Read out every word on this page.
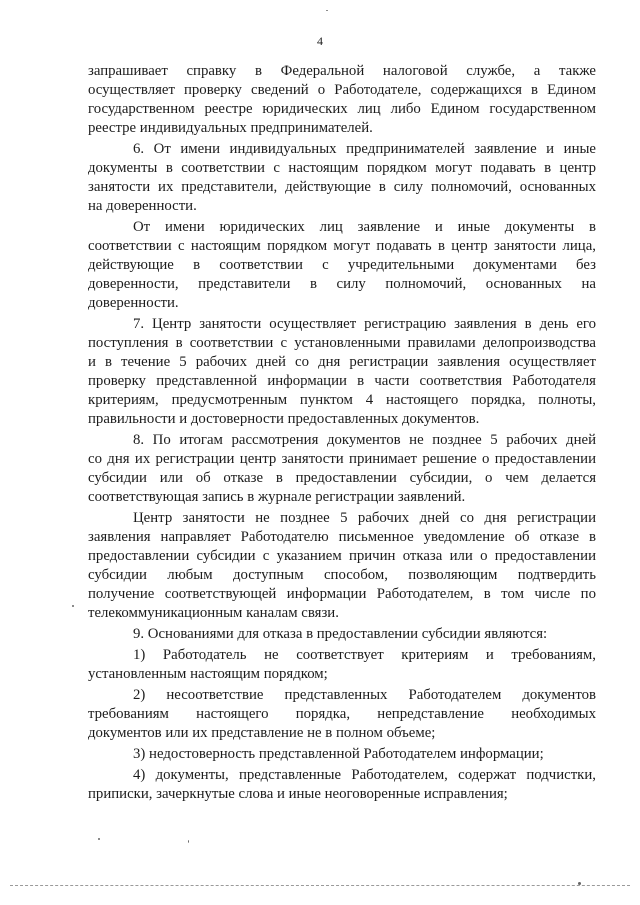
4
запрашивает справку в Федеральной налоговой службе, а также
осуществляет проверку сведений о Работодателе, содержащихся в Едином
государственном реестре юридических лиц либо Едином государственном
реестре индивидуальных предпринимателей.
6. От имени индивидуальных предпринимателей заявление и иные
документы в соответствии с настоящим порядком могут подавать в центр
занятости их представители, действующие в силу полномочий, основанных
на доверенности.
От имени юридических лиц заявление и иные документы в
соответствии с настоящим порядком могут подавать в центр занятости лица,
действующие в соответствии с учредительными документами без
доверенности, представители в силу полномочий, основанных на
доверенности.
7. Центр занятости осуществляет регистрацию заявления в день его
поступления в соответствии с установленными правилами делопроизводства
и в течение 5 рабочих дней со дня регистрации заявления осуществляет
проверку представленной информации в части соответствия Работодателя
критериям, предусмотренным пунктом 4 настоящего порядка, полноты,
правильности и достоверности предоставленных документов.
8. По итогам рассмотрения документов не позднее 5 рабочих дней
со дня их регистрации центр занятости принимает решение о предоставлении
субсидии или об отказе в предоставлении субсидии, о чем делается
соответствующая запись в журнале регистрации заявлений.
Центр занятости не позднее 5 рабочих дней со дня регистрации
заявления направляет Работодателю письменное уведомление об отказе в
предоставлении субсидии с указанием причин отказа или о предоставлении
субсидии любым доступным способом, позволяющим подтвердить
получение соответствующей информации Работодателем, в том числе по
телекоммуникационным каналам связи.
9. Основаниями для отказа в предоставлении субсидии являются:
1) Работодатель не соответствует критериям и требованиям,
установленным настоящим порядком;
2) несоответствие представленных Работодателем документов
требованиям настоящего порядка, непредставление необходимых
документов или их представление не в полном объеме;
3) недостоверность представленной Работодателем информации;
4) документы, представленные Работодателем, содержат подчистки,
приписки, зачеркнутые слова и иные неоговоренные исправления;
